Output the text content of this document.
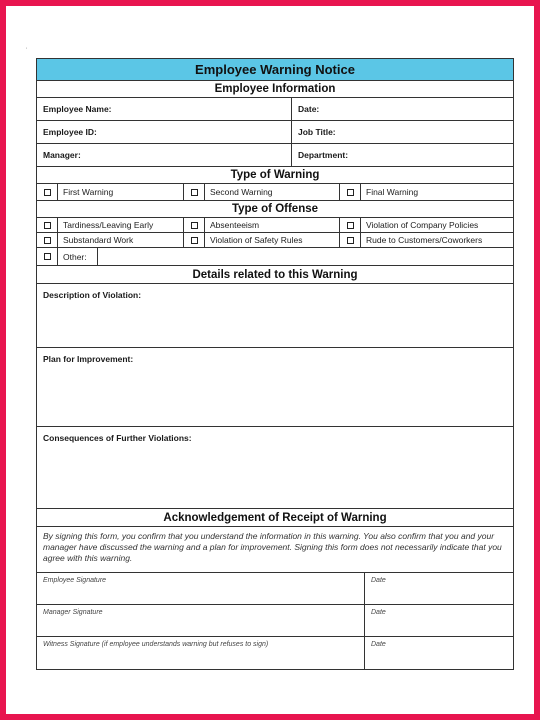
'
Employee Warning Notice
Employee Information
Employee Name:	Date:
Employee ID:	Job Title:
Manager:	Department:
Type of Warning
First Warning	Second Warning	Final Warning
Type of Offense
Tardiness/Leaving Early	Absenteeism	Violation of Company Policies
Substandard Work	Violation of Safety Rules	Rude to Customers/Coworkers
Other:
Details related to this Warning
Description of Violation:
Plan for Improvement:
Consequences of Further Violations:
Acknowledgement of Receipt of Warning
By signing this form, you confirm that you understand the information in this warning. You also confirm that you and your manager have discussed the warning and a plan for improvement. Signing this form does not necessarily indicate that you agree with this warning.
Employee Signature	Date
Manager Signature	Date
Witness Signature (if employee understands warning but refuses to sign)	Date
